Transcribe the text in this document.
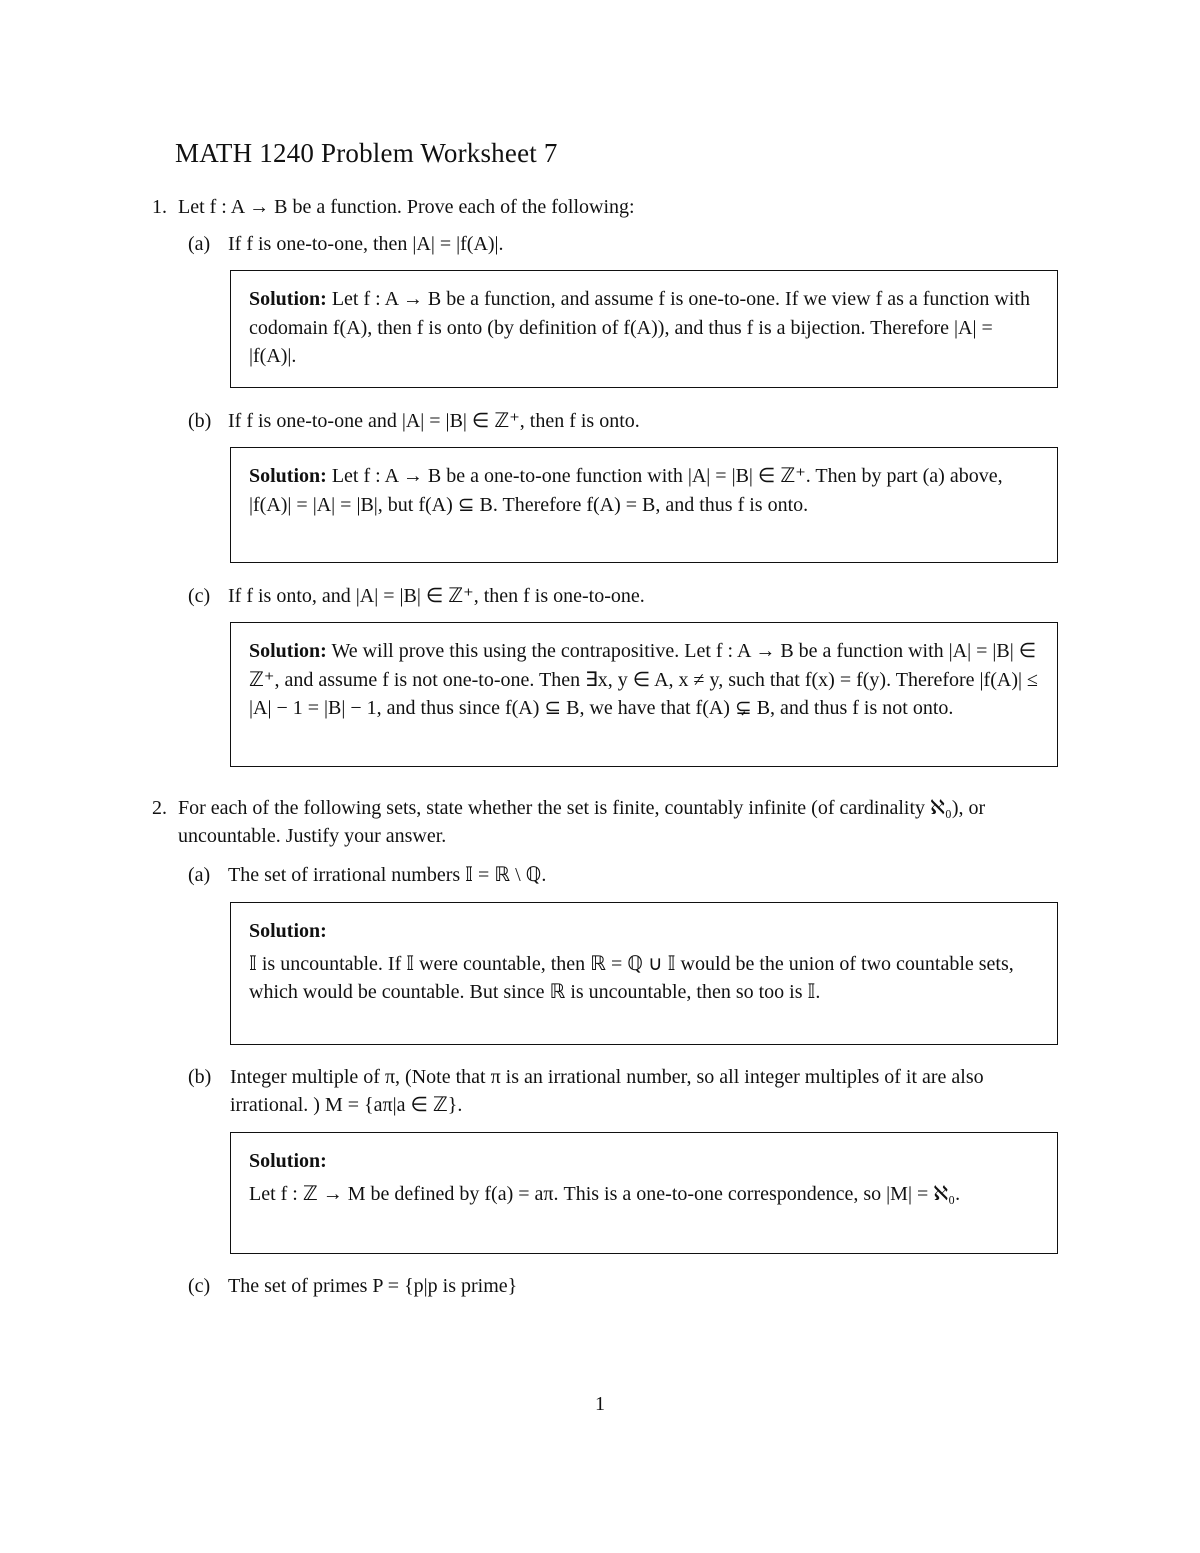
MATH 1240 Problem Worksheet 7
1. Let f : A → B be a function. Prove each of the following:
(a) If f is one-to-one, then |A| = |f(A)|.
Solution: Let f : A → B be a function, and assume f is one-to-one. If we view f as a function with codomain f(A), then f is onto (by definition of f(A)), and thus f is a bijection. Therefore |A| = |f(A)|.
(b) If f is one-to-one and |A| = |B| ∈ ℤ⁺, then f is onto.
Solution: Let f : A → B be a one-to-one function with |A| = |B| ∈ ℤ⁺. Then by part (a) above, |f(A)| = |A| = |B|, but f(A) ⊆ B. Therefore f(A) = B, and thus f is onto.
(c) If f is onto, and |A| = |B| ∈ ℤ⁺, then f is one-to-one.
Solution: We will prove this using the contrapositive. Let f : A → B be a function with |A| = |B| ∈ ℤ⁺, and assume f is not one-to-one. Then ∃x, y ∈ A, x ≠ y, such that f(x) = f(y). Therefore |f(A)| ≤ |A| − 1 = |B| − 1, and thus since f(A) ⊆ B, we have that f(A) ⊊ B, and thus f is not onto.
2. For each of the following sets, state whether the set is finite, countably infinite (of cardinality ℵ₀), or uncountable. Justify your answer.
(a) The set of irrational numbers 𝕀 = ℝ \ ℚ.
Solution:
𝕀 is uncountable. If 𝕀 were countable, then ℝ = ℚ ∪ 𝕀 would be the union of two countable sets, which would be countable. But since ℝ is uncountable, then so too is 𝕀.
(b) Integer multiple of π, (Note that π is an irrational number, so all integer multiples of it are also irrational. ) M = {aπ|a ∈ ℤ}.
Solution:
Let f : ℤ → M be defined by f(a) = aπ. This is a one-to-one correspondence, so |M| = ℵ₀.
(c) The set of primes P = {p|p is prime}
1
